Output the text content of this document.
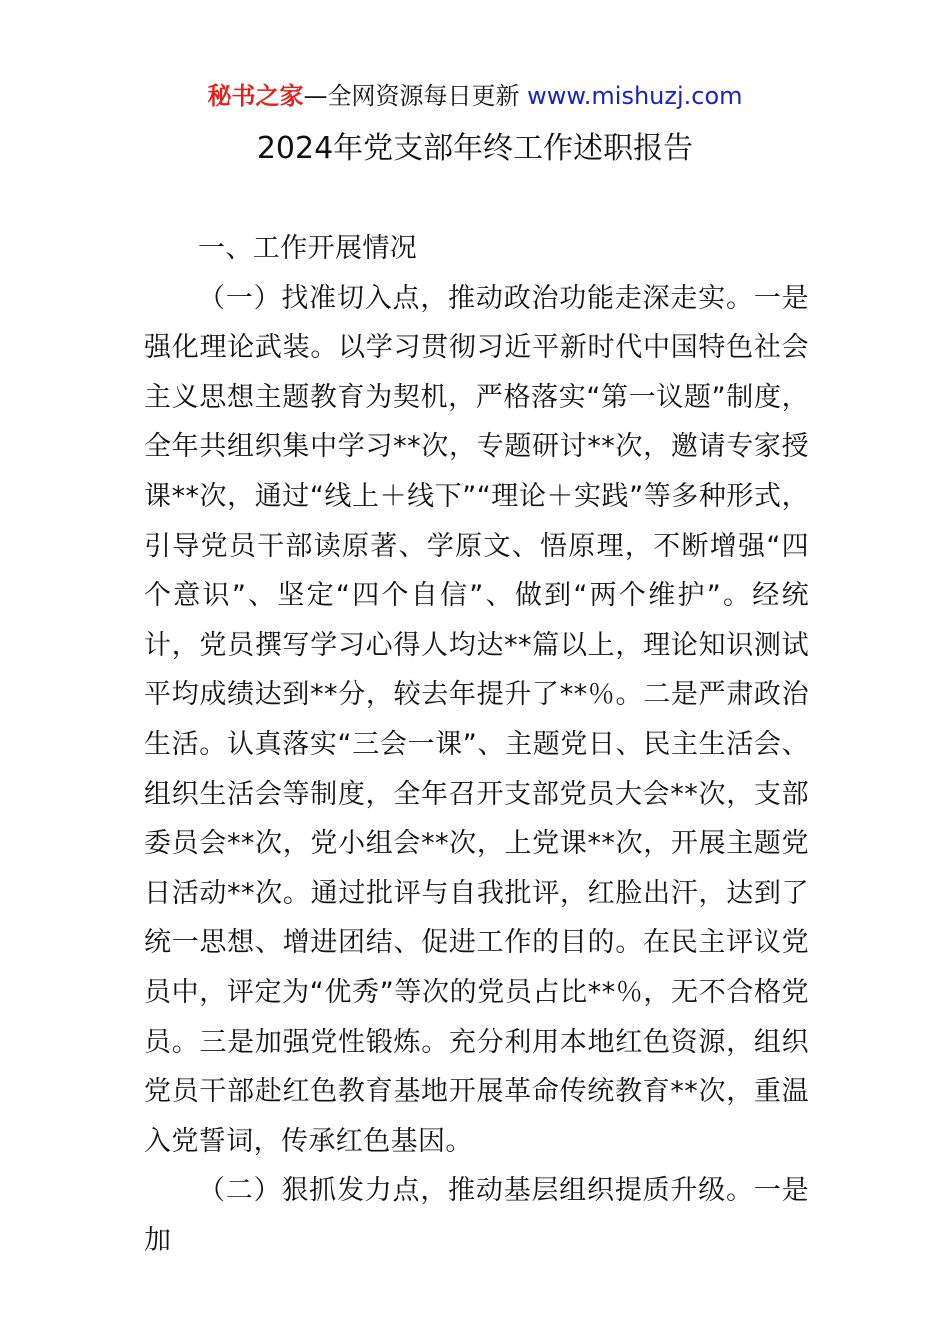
秘书之家—全网资源每日更新 www.mishuzj.com
2024年党支部年终工作述职报告
一、工作开展情况

（一）找准切入点，推动政治功能走深走实。一是强化理论武装。以学习贯彻习近平新时代中国特色社会主义思想主题教育为契机，严格落实“第一议题”制度，全年共组织集中学习**次，专题研讨**次，邀请专家授课**次，通过“线上＋线下”“理论＋实践”等多种形式，引导党员干部读原著、学原文、悟原理，不断增强“四个意识”、坚定“四个自信”、做到“两个维护”。经统计，党员撰写学习心得人均达**篇以上，理论知识测试平均成绩达到**分，较去年提升了**％。二是严肃政治生活。认真落实“三会一课”、主题党日、民主生活会、组织生活会等制度，全年召开支部党员大会**次，支部委员会**次，党小组会**次，上党课**次，开展主题党日活动**次。通过批评与自我批评，红脸出汗，达到了统一思想、增进团结、促进工作的目的。在民主评议党员中，评定为“优秀”等次的党员占比**％，无不合格党员。三是加强党性锻炼。充分利用本地红色资源，组织党员干部赴红色教育基地开展革命传统教育**次，重温入党誓词，传承红色基因。

（二）狠抓发力点，推动基层组织提质升级。一是加
